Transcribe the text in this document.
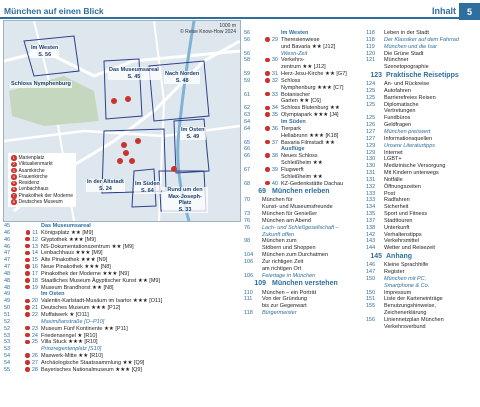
München auf einen Blick	Inhalt	5
1000 m
© Reise Know-How 2024
Im Westen
S. 56
Schloss Nymphenburg
Das Museumsareal
S. 45	Nach Norden
S. 48
Im Osten
S. 49
In der Altstadt
S. 24
Im Süden
S. 64	Rund um den Max-Joseph-Platz
S. 33
1 Marienplatz
2 Viktualienmarkt
3 Asamkirche
4 Frauenkirche
5 Residenz
6 Lenbachhaus
7 Pinakothek der Moderne
8 Deutsches Museum
45	Das Museumsareal
46	11 Königsplatz ★★ [M9]
46	12 Glyptothek ★★★ [M9]
46	13 NS-Dokumentationszentrum ★★ [M9]
47	14 Lenbachhaus ★★★ [M9]
47	15 Alte Pinakothek ★★★ [N9]
47	16 Neue Pinakothek ★★★ [N8]
48	17 Pinakothek der Moderne ★★★ [N9]
48	18 Staatliches Museum Ägyptischer Kunst ★★ [M9]
48	19 Museum Brandhorst ★★ [N8]
49	Im Osten
49	20 Valentin-Karlstadt-Musäum im Isartor ★★★ [O11]
50	21 Deutsches Museum ★★★ [P12]
51	22 Muffatwerk ★ [O11]
52	Maximilianstraße [O–P10]
52	23 Museum Fünf Kontinente ★★ [P11]
53	24 Friedensengel ★ [R10]
53	25 Villa Stuck ★★★ [R10]
53	Prinzregentenplatz [S10]
54	26 Maxwerk-Mitte ★★ [R10]
54	27 Archäologische Staatssammlung ★★ [Q9]
55	28 Bayerisches Nationalmuseum ★★★ [Q9]
56	Im Westen
56	29 Theresienwiese
und Bavaria ★★ [J12]
56	Wiesn-Zeit
58	30 Verkehrs-
zentrum ★★ [J12]
59	31 Herz-Jesu-Kirche ★★ [G7]
59	32 Schloss
Nymphenburg ★★★ [C7]
61	33 Botanischer
Garten ★★ [C6]
62	34 Schloss Blutenburg ★★
63	35 Olympiapark ★★★ [J4]
64	Im Süden
64	36 Tierpark
Hellabrunn ★★★ [K18]
65	37 Bavaria Filmstadt ★★
66	Ausflüge
66	38 Neues Schloss
Schleißheim ★★
67	39 Flugwerft
Schleißheim ★★
68	40 KZ-Gedenkstätte Dachau
69 München erleben
70	München für
Kunst- und Museumsfreunde
73	München für Genießer
76	München am Abend
76	Lach- und Schießgesellschaft –
Zukunft offen
98	München zum
Stöbern und Shoppen
104	München zum Durchatmen
106	Zur richtigen Zeit
am richtigen Ort
106	Feiertage in München
109 München verstehen
110	München – ein Porträt
111	Von der Gründung
bis zur Gegenwart
118	Bürgermeister
118	Leben in der Stadt
118	Der Klassiker auf dem Fahrrad
119	München und die Isar
120	Die Grüne Stadt
121	Münchner
Szenetopographie
123 Praktische Reisetipps
124	An- und Rückreise
125	Autofahren
125	Barrierefreies Reisen
125	Diplomatische
Vertretungen
125	Fundbüros
126	Geldfragen
127	München preiswert
127	Informationsquellen
129	Unsere Literaturtipps
129	Internet
130	LGBT+
130	Medizinische Versorgung
131	Mit Kindern unterwegs
131	Notfälle
132	Öffnungszeiten
133	Post
133	Radfahren
134	Sicherheit
135	Sport und Fitness
137	Stadttouren
138	Unterkunft
142	Verhaltenstipps
143	Verkehrsmittel
144	Wetter und Reisezeit
145 Anhang
146	Kleine Sprachhilfe
147	Register
150	München mit PC,
Smartphone & Co.
150	Impressum
151	Liste der Karteneinträge
155	Benutzungshinweise,
Zeichenerklärung
156	Liniennetzplan München
Verkehrsverbund
